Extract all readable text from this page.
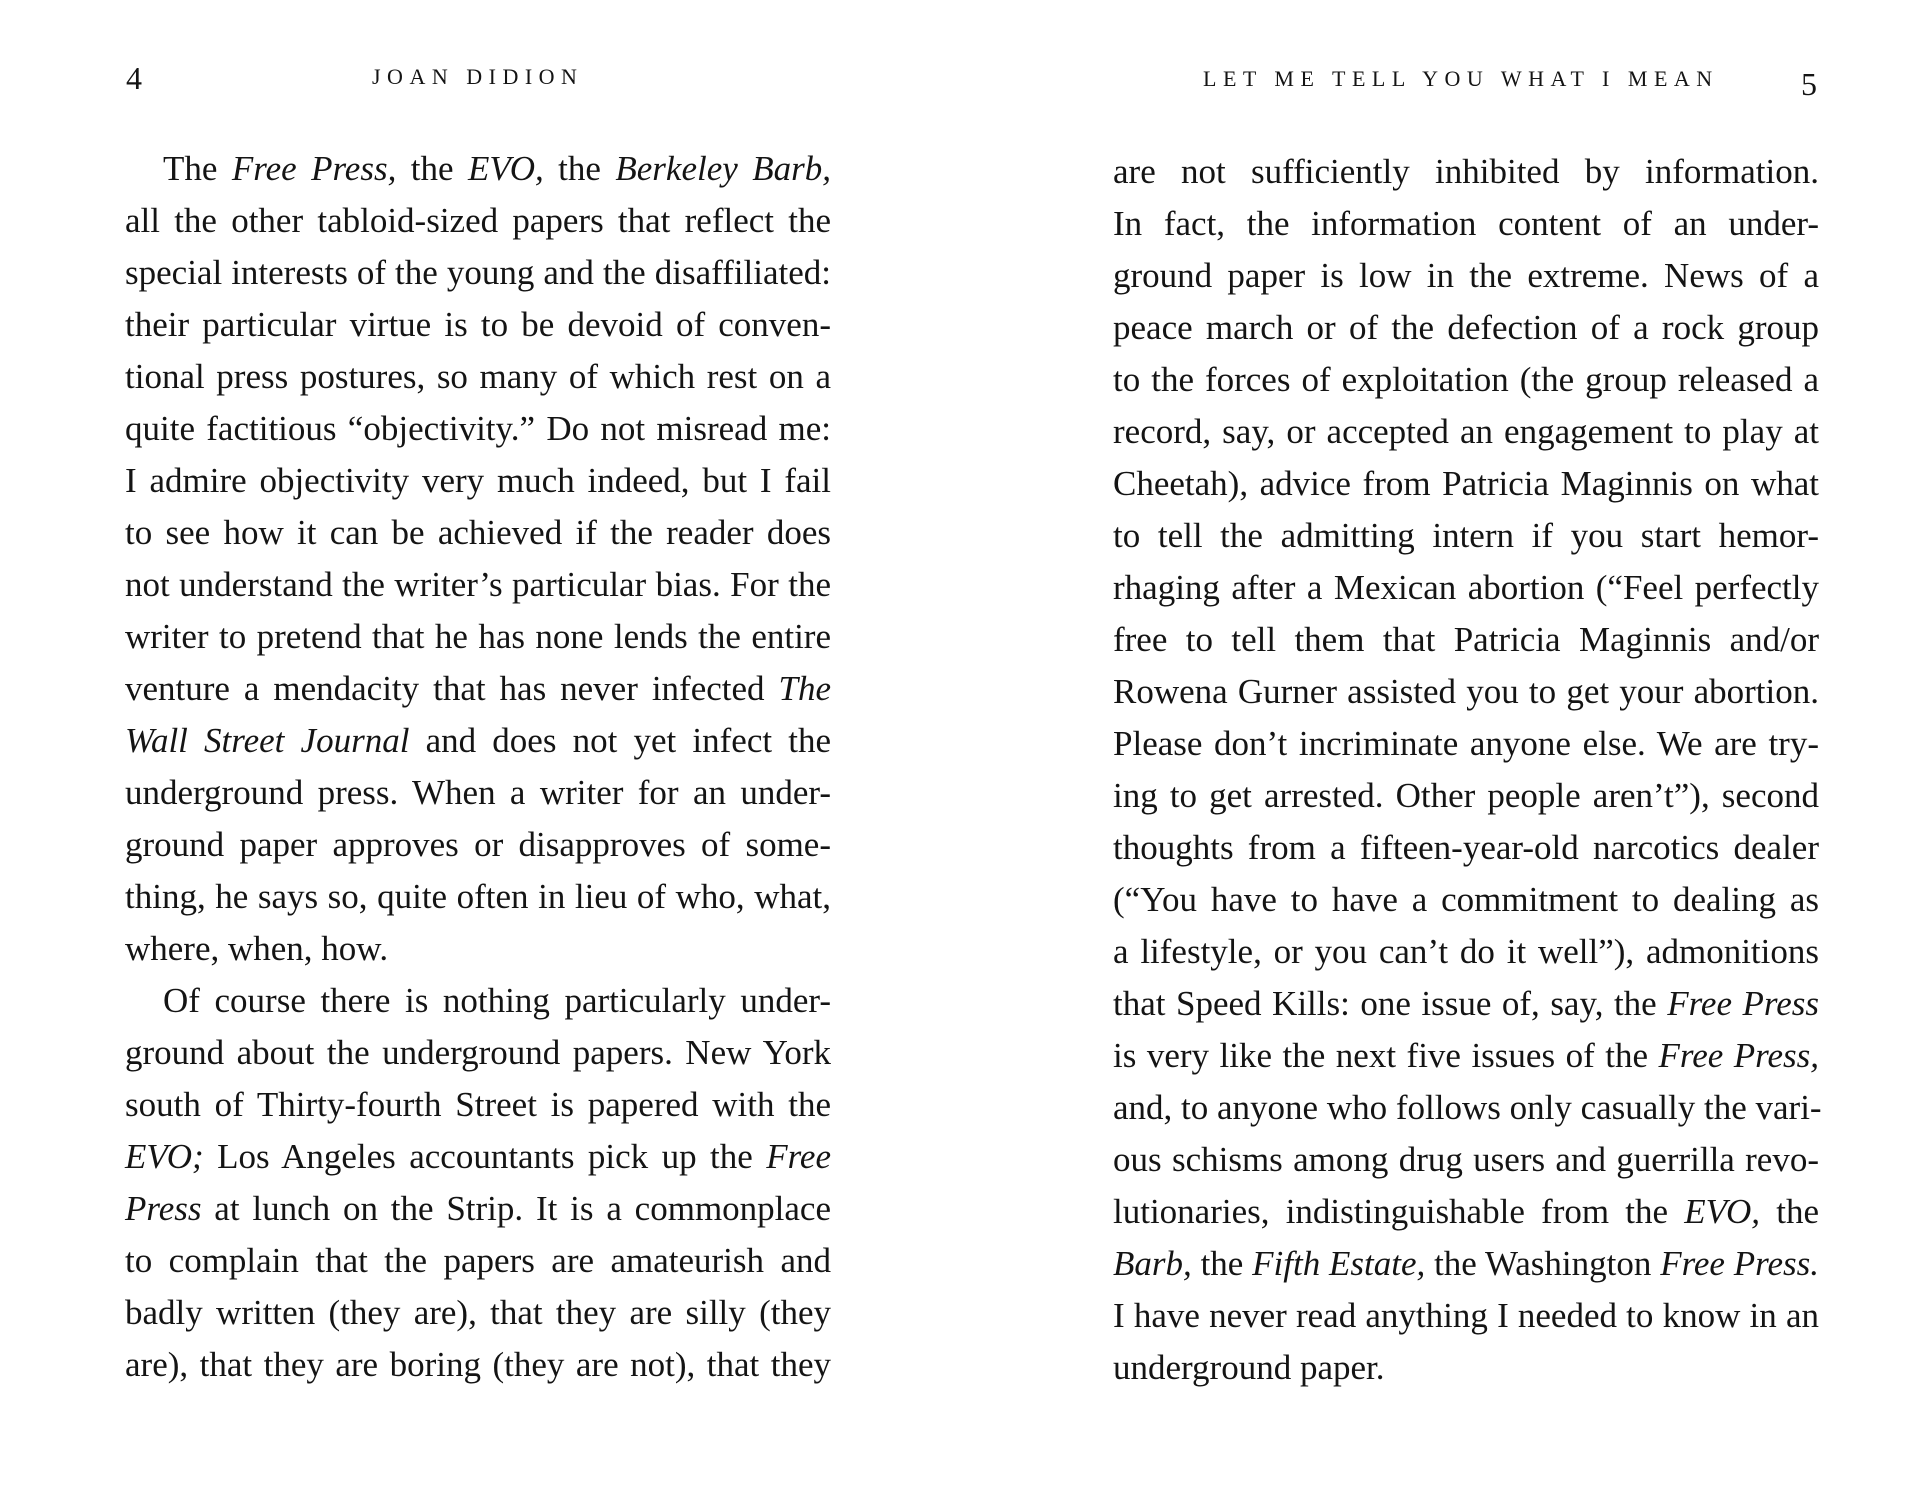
4	JOAN DIDION
The Free Press, the EVO, the Berkeley Barb,
all the other tabloid-sized papers that reflect the
special interests of the young and the disaffiliated:
their particular virtue is to be devoid of conven-
tional press postures, so many of which rest on a
quite factitious “objectivity.” Do not misread me:
I admire objectivity very much indeed, but I fail
to see how it can be achieved if the reader does
not understand the writer’s particular bias. For the
writer to pretend that he has none lends the entire
venture a mendacity that has never infected The
Wall Street Journal and does not yet infect the
underground press. When a writer for an under-
ground paper approves or disapproves of some-
thing, he says so, quite often in lieu of who, what,
where, when, how.
Of course there is nothing particularly under-
ground about the underground papers. New York
south of Thirty-fourth Street is papered with the
EVO; Los Angeles accountants pick up the Free
Press at lunch on the Strip. It is a commonplace
to complain that the papers are amateurish and
badly written (they are), that they are silly (they
are), that they are boring (they are not), that they
LET ME TELL YOU WHAT I MEAN	5
are not sufficiently inhibited by information.
In fact, the information content of an under-
ground paper is low in the extreme. News of a
peace march or of the defection of a rock group
to the forces of exploitation (the group released a
record, say, or accepted an engagement to play at
Cheetah), advice from Patricia Maginnis on what
to tell the admitting intern if you start hemor-
rhaging after a Mexican abortion (“Feel perfectly
free to tell them that Patricia Maginnis and/or
Rowena Gurner assisted you to get your abortion.
Please don’t incriminate anyone else. We are try-
ing to get arrested. Other people aren’t”), second
thoughts from a fifteen-year-old narcotics dealer
(“You have to have a commitment to dealing as
a lifestyle, or you can’t do it well”), admonitions
that Speed Kills: one issue of, say, the Free Press
is very like the next five issues of the Free Press,
and, to anyone who follows only casually the vari-
ous schisms among drug users and guerrilla revo-
lutionaries, indistinguishable from the EVO, the
Barb, the Fifth Estate, the Washington Free Press.
I have never read anything I needed to know in an
underground paper.
